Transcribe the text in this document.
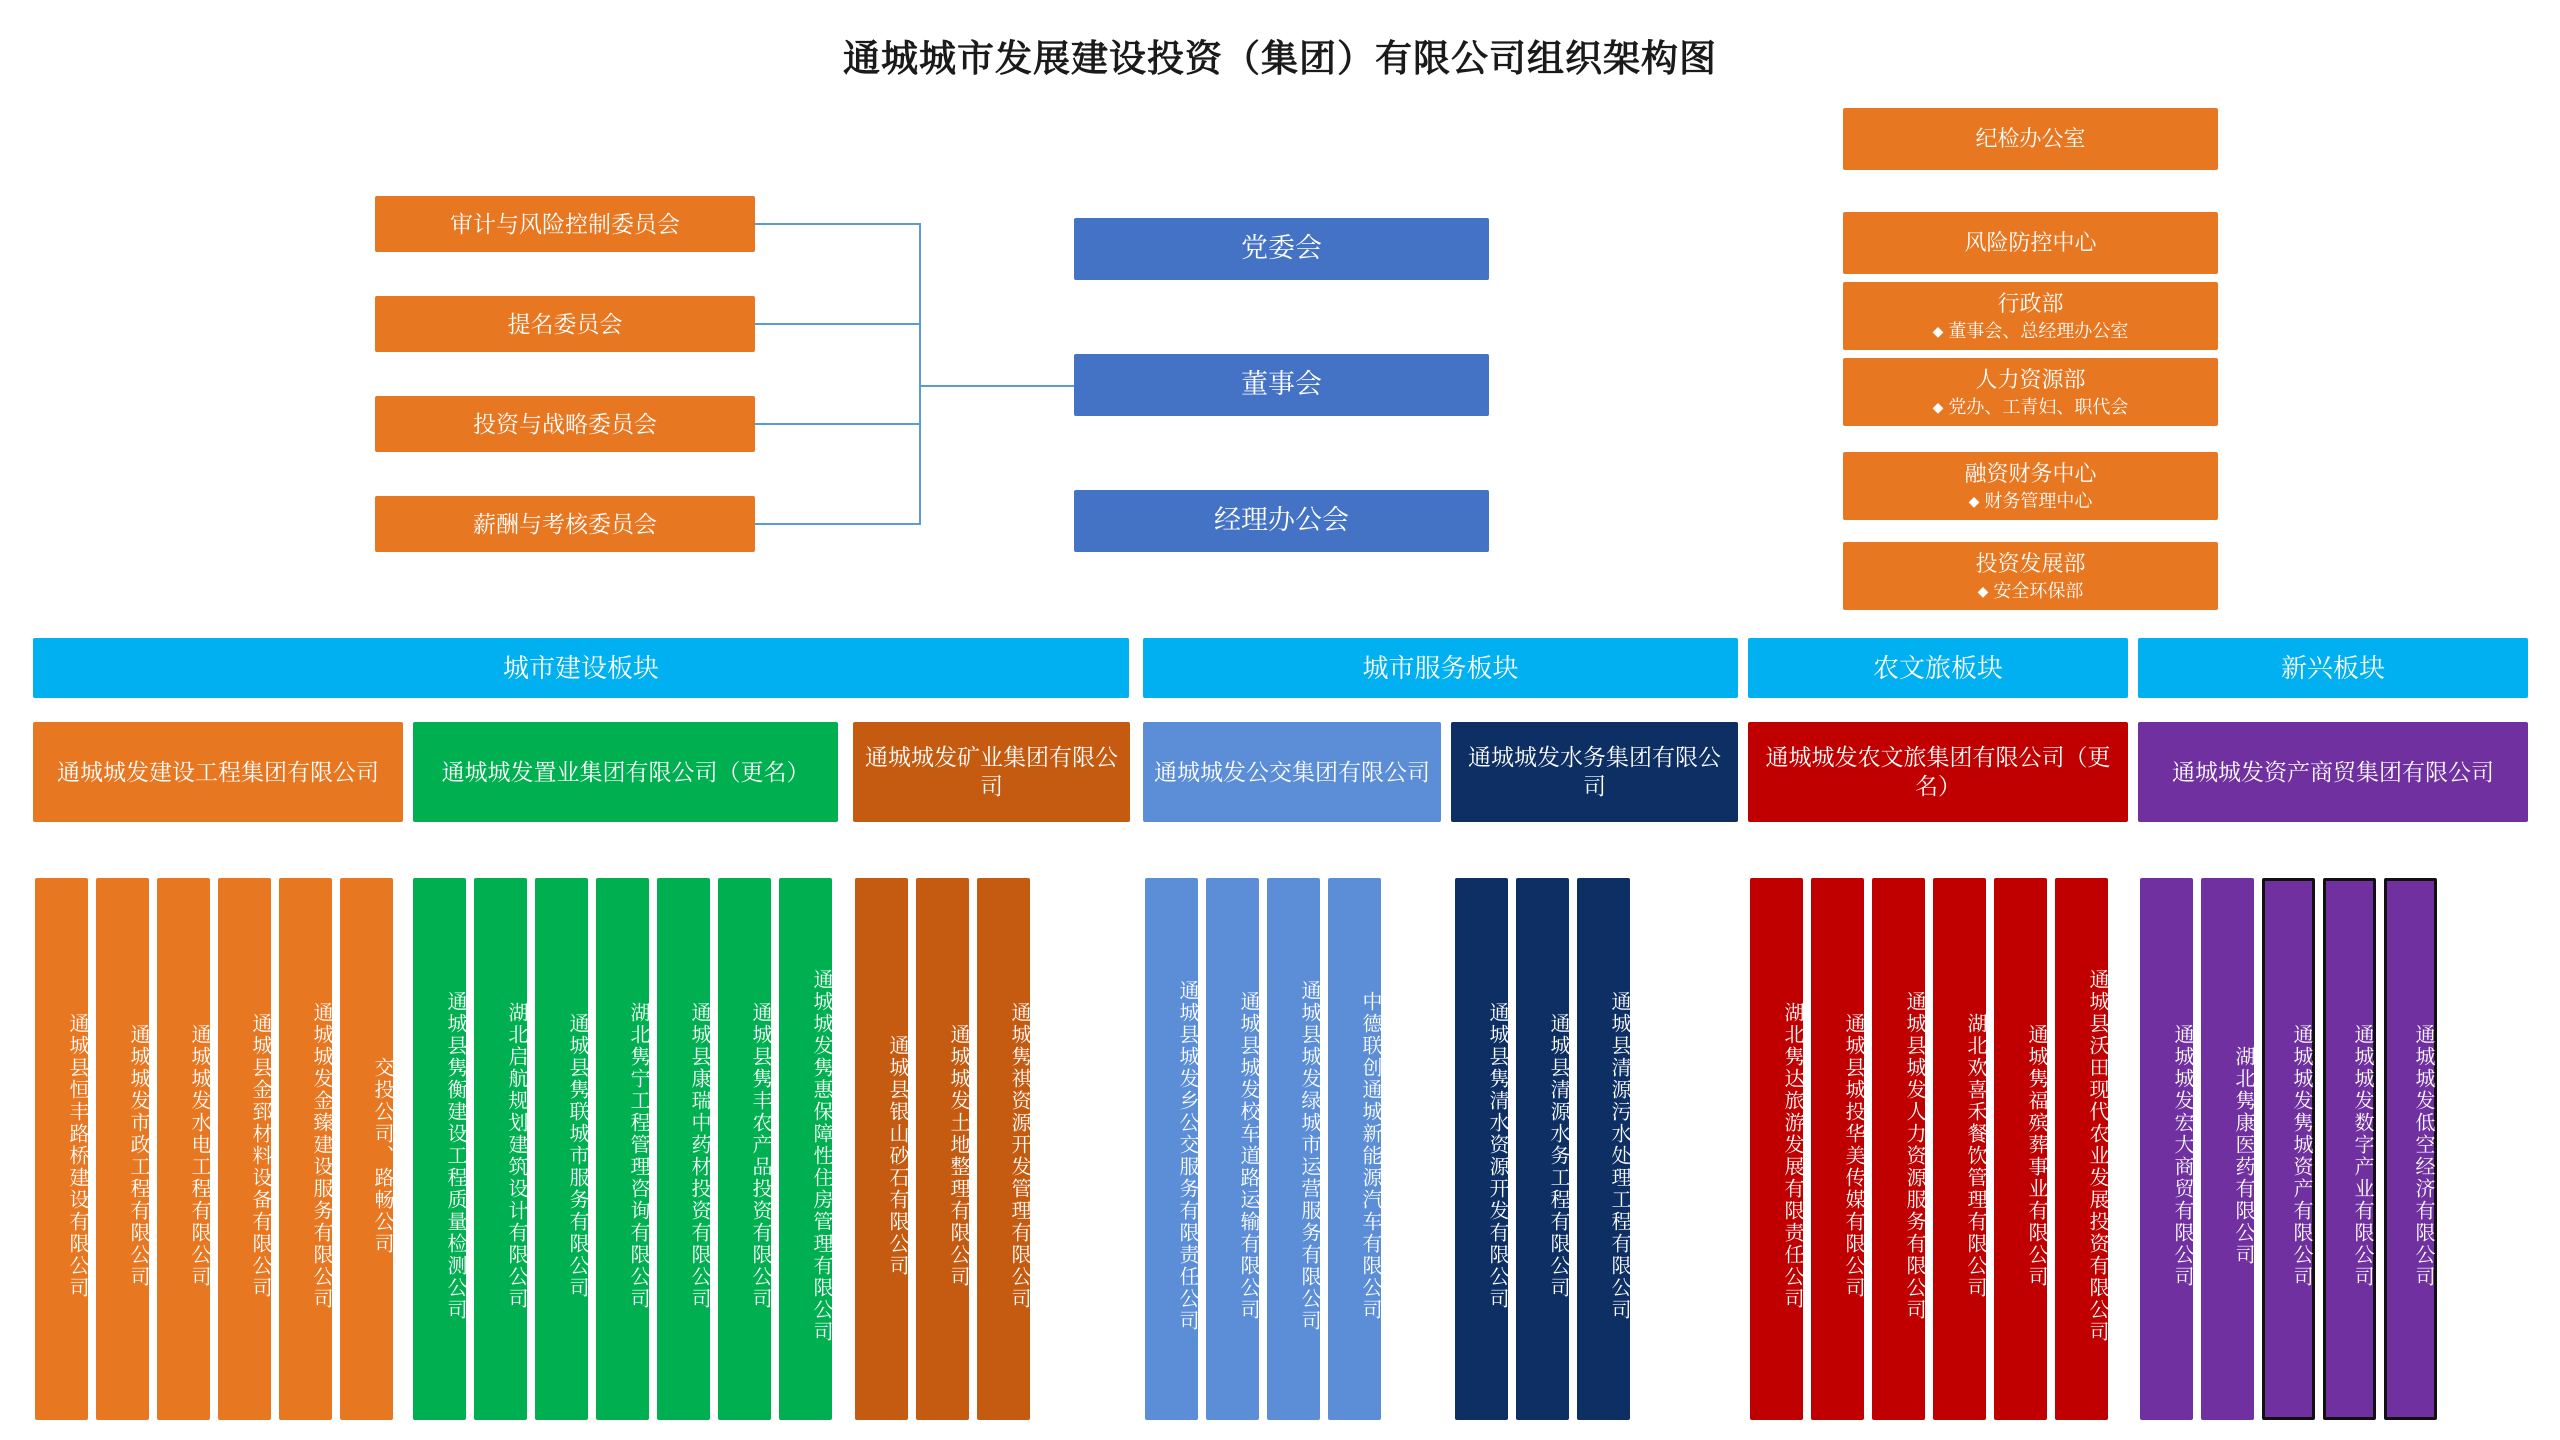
通城城市发展建设投资（集团）有限公司组织架构图
审计与风险控制委员会
提名委员会
投资与战略委员会
薪酬与考核委员会
党委会
董事会
经理办公会
纪检办公室
风险防控中心
行政部
◆ 董事会、总经理办公室
人力资源部
◆ 党办、工青妇、职代会
融资财务中心
◆ 财务管理中心
投资发展部
◆ 安全环保部
城市建设板块	城市服务板块	农文旅板块	新兴板块
通城城发建设工程集团有限公司	通城城发置业集团有限公司（更名）
通城城发矿业集团有限公司
通城城发公交集团有限公司
通城城发水务集团有限公司
通城城发农文旅集团有限公司（更名）
通城城发资产商贸集团有限公司
通城县恒丰路桥建设有限公司 通城城发市政工程有限公司 通城城发水电工程有限公司 通城县金郅材料设备有限公司 通城城发金臻建设服务有限公司 交投公司、路畅公司	通城县隽衡建设工程质量检测公司 湖北启航规划建筑设计有限公司 通城县隽联城市服务有限公司 湖北隽宁工程管理咨询有限公司 通城县康瑞中药材投资有限公司 通城县隽丰农产品投资有限公司 通城城发隽惠保障性住房管理有限公司	通城县银山砂石有限公司 通城城发土地整理有限公司 通城隽祺资源开发管理有限公司	通城县城发乡公交服务有限责任公司 通城县城发校车道路运输有限公司 通城县城发绿城市运营服务有限公司 中德联创通城新能源汽车有限公司	通城县隽清水资源开发有限公司 通城县清源水务工程有限公司 通城县清源污水处理工程有限公司	湖北隽达旅游发展有限责任公司 通城县城投华美传媒有限公司 通城县城发人力资源服务有限公司 湖北欢喜禾餐饮管理有限公司 通城隽福殡葬事业有限公司 通城县沃田现代农业发展投资有限公司	通城城发宏大商贸有限公司 湖北隽康医药有限公司 通城城发隽城资产有限公司 通城城发数字产业有限公司 通城城发低空经济有限公司
